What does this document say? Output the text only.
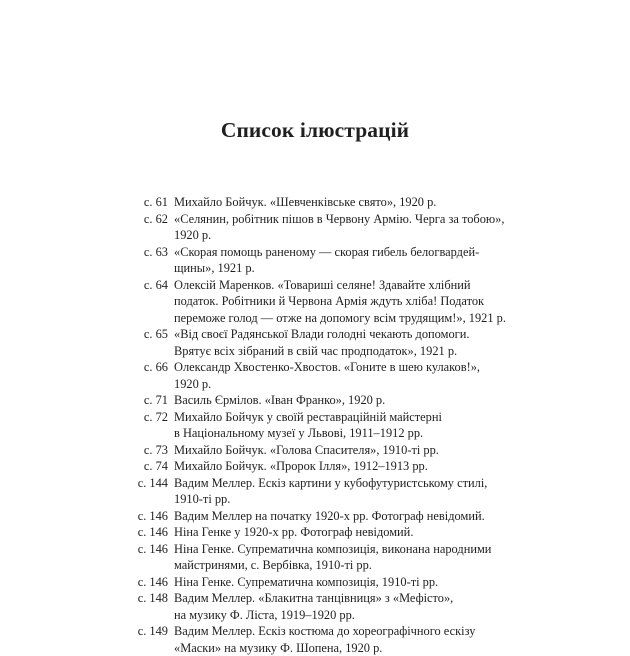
Список ілюстрацій
с. 61 Михайло Бойчук. «Шевченківське свято», 1920 р.
с. 62 «Селянин, робітник пішов в Червону Армію. Черга за тобою»,
1920 р.
с. 63 «Скорая помощь раненому — скорая гибель белогвардей-
щины», 1921 р.
с. 64 Олексій Маренков. «Товариші селяне! Здавайте хлібний
податок. Робітники й Червона Армія ждуть хліба! Податок
переможе голод — отже на допомогу всім трудящим!», 1921 р.
с. 65 «Від своєї Радянської Влади голодні чекають допомоги.
Врятує всіх зібраний в свій час продподаток», 1921 р.
с. 66 Олександр Хвостенко-Хвостов. «Гоните в шею кулаков!»,
1920 р.
с. 71 Василь Єрмілов. «Іван Франко», 1920 р.
с. 72 Михайло Бойчук у своїй реставраційній майстерні
в Національному музеї у Львові, 1911–1912 рр.
с. 73 Михайло Бойчук. «Голова Спасителя», 1910-ті рр.
с. 74 Михайло Бойчук. «Пророк Ілля», 1912–1913 рр.
с. 144 Вадим Меллер. Ескіз картини у кубофутуристському стилі,
1910-ті рр.
с. 146 Вадим Меллер на початку 1920-х рр. Фотограф невідомий.
с. 146 Ніна Генке у 1920-х рр. Фотограф невідомий.
с. 146 Ніна Генке. Супрематична композиція, виконана народними
майстринями, с. Вербівка, 1910-ті рр.
с. 146 Ніна Генке. Супрематична композиція, 1910-ті рр.
с. 148 Вадим Меллер. «Блакитна танцівниця» з «Мефісто»,
на музику Ф. Ліста, 1919–1920 рр.
с. 149 Вадим Меллер. Ескіз костюма до хореографічного ескізу
«Маски» на музику Ф. Шопена, 1920 р.
